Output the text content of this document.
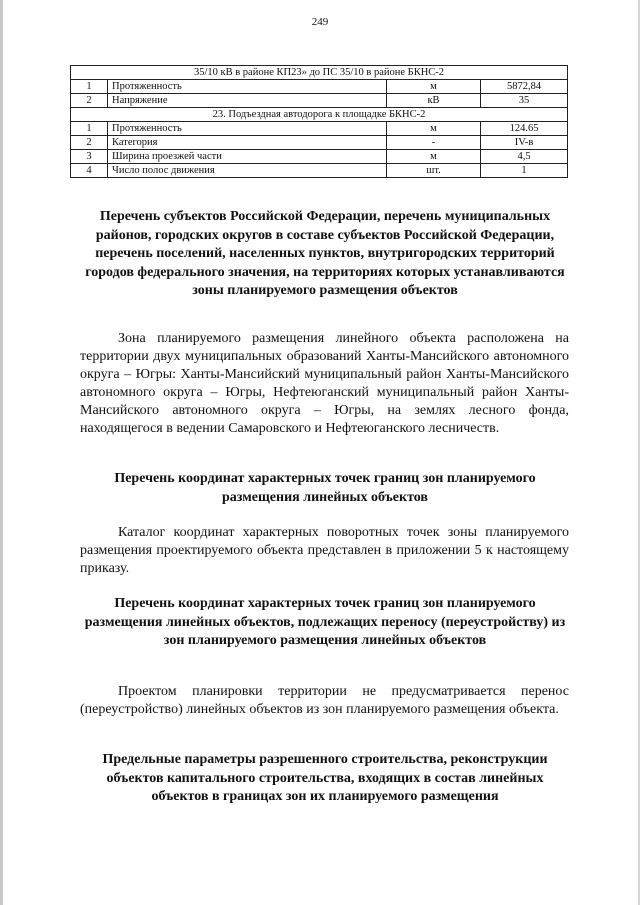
249
35/10 кВ в районе КП23» до ПС 35/10 в районе БКНС-2			
1	Протяженность	м	5872,84
2	Напряжение	кВ	35
23. Подъездная автодорога к площадке БКНС-2			
1	Протяженность	м	124.65
2	Категория	-	IV-в
3	Ширина проезжей части	м	4,5
4	Число полос движения	шт.	1
Перечень субъектов Российской Федерации, перечень муниципальных районов, городских округов в составе субъектов Российской Федерации, перечень поселений, населенных пунктов, внутригородских территорий городов федерального значения, на территориях которых устанавливаются зоны планируемого размещения объектов

Зона планируемого размещения линейного объекта расположена на территории двух муниципальных образований Ханты-Мансийского автономного округа – Югры: Ханты-Мансийский муниципальный район Ханты-Мансийского автономного округа – Югры, Нефтеюганский муниципальный район Ханты-Мансийского автономного округа – Югры, на землях лесного фонда, находящегося в ведении Самаровского и Нефтеюганского лесничеств.

Перечень координат характерных точек границ зон планируемого размещения линейных объектов

Каталог координат характерных поворотных точек зоны планируемого размещения проектируемого объекта представлен в приложении 5 к настоящему приказу.

Перечень координат характерных точек границ зон планируемого размещения линейных объектов, подлежащих переносу (переустройству) из зон планируемого размещения линейных объектов

Проектом планировки территории не предусматривается перенос (переустройство) линейных объектов из зон планируемого размещения объекта.

Предельные параметры разрешенного строительства, реконструкции объектов капитального строительства, входящих в состав линейных объектов в границах зон их планируемого размещения
